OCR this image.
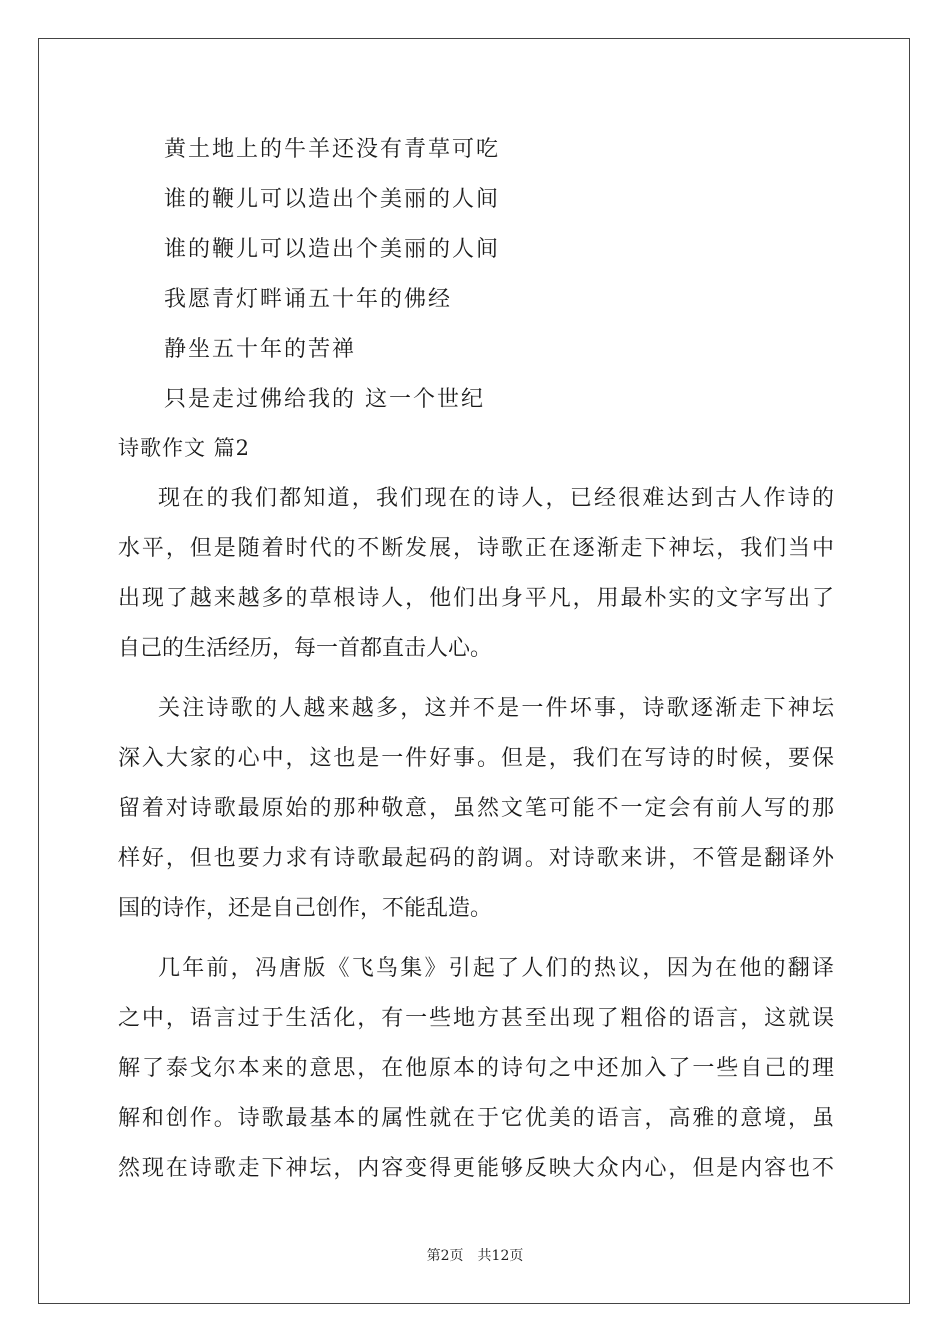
黄土地上的牛羊还没有青草可吃
谁的鞭儿可以造出个美丽的人间
谁的鞭儿可以造出个美丽的人间
我愿青灯畔诵五十年的佛经
静坐五十年的苦禅
只是走过佛给我的 这一个世纪
诗歌作文 篇2
现在的我们都知道，我们现在的诗人，已经很难达到古人作诗的
水平，但是随着时代的不断发展，诗歌正在逐渐走下神坛，我们当中
出现了越来越多的草根诗人，他们出身平凡，用最朴实的文字写出了
自己的生活经历，每一首都直击人心。
关注诗歌的人越来越多，这并不是一件坏事，诗歌逐渐走下神坛
深入大家的心中，这也是一件好事。但是，我们在写诗的时候，要保
留着对诗歌最原始的那种敬意，虽然文笔可能不一定会有前人写的那
样好，但也要力求有诗歌最起码的韵调。对诗歌来讲，不管是翻译外
国的诗作，还是自己创作，不能乱造。
几年前，冯唐版《飞鸟集》引起了人们的热议，因为在他的翻译
之中，语言过于生活化，有一些地方甚至出现了粗俗的语言，这就误
解了泰戈尔本来的意思，在他原本的诗句之中还加入了一些自己的理
解和创作。诗歌最基本的属性就在于它优美的语言，高雅的意境，虽
然现在诗歌走下神坛，内容变得更能够反映大众内心，但是内容也不
第2页　共12页
